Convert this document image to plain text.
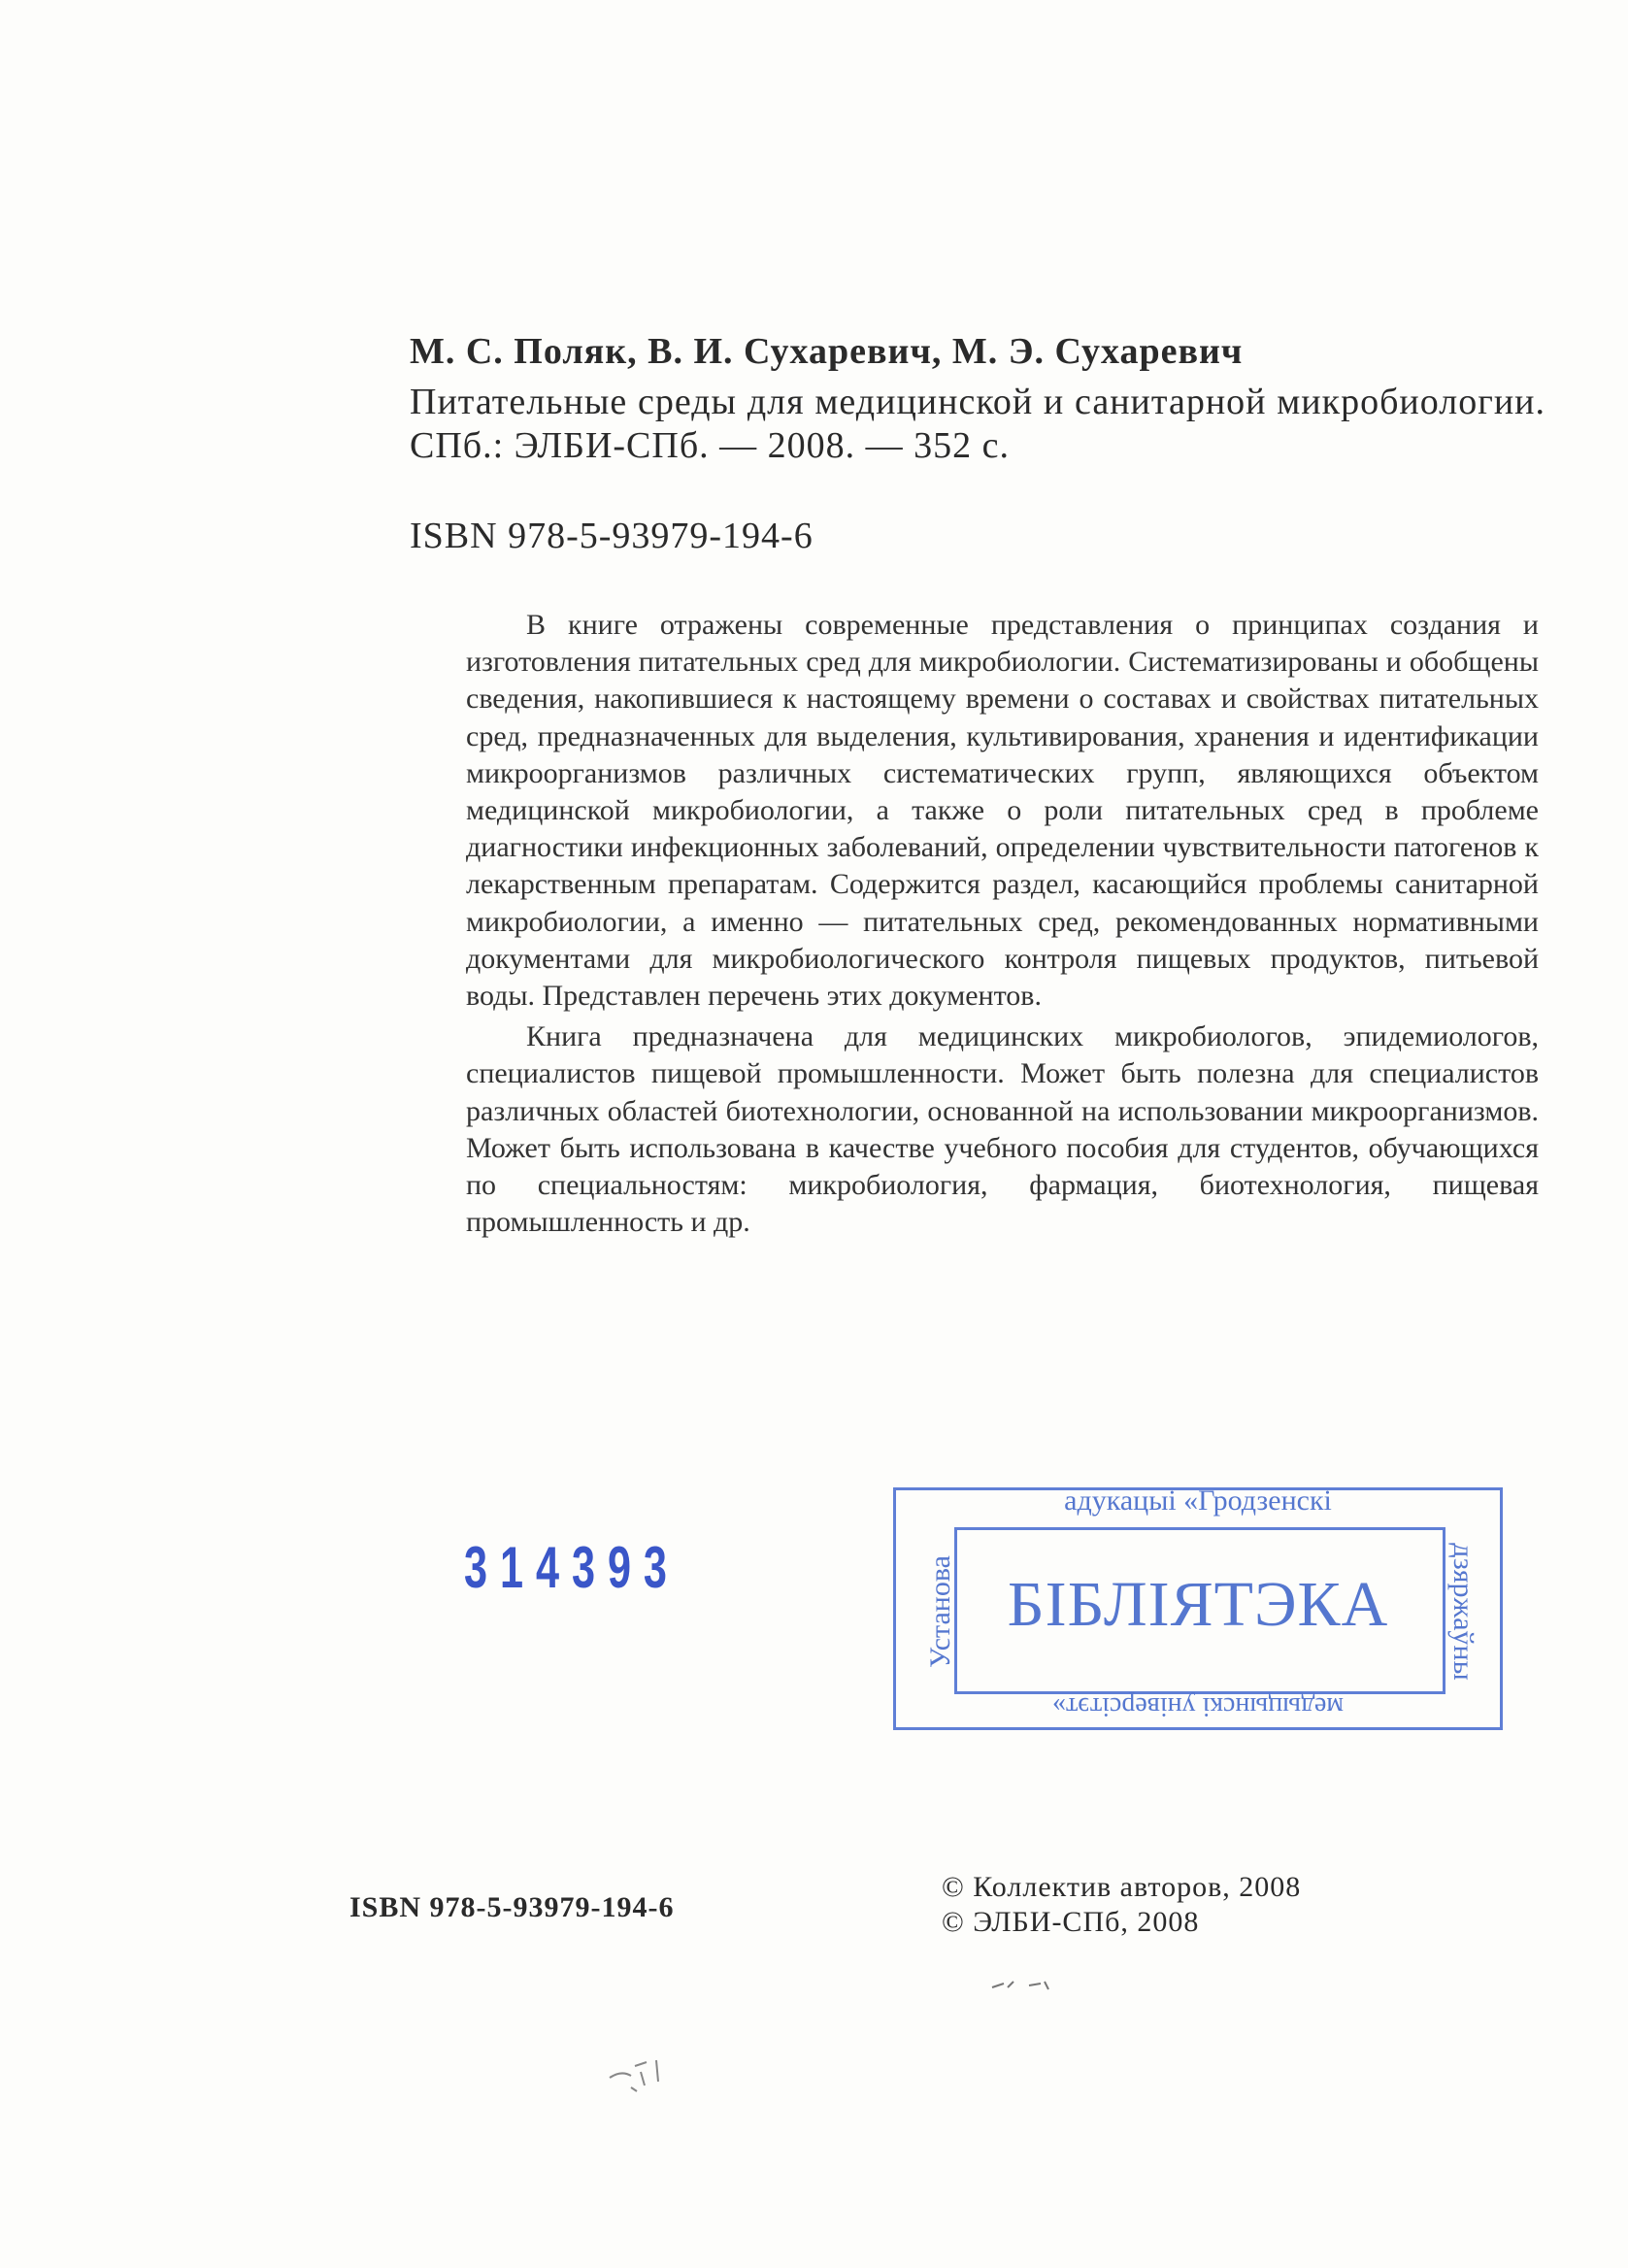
М. С. Поляк, В. И. Сухаревич, М. Э. Сухаревич
Питательные среды для медицинской и санитарной микробиологии. СПб.: ЭЛБИ-СПб. — 2008. — 352 с.
ISBN 978-5-93979-194-6

В книге отражены современные представления о принципах создания и изготовления питательных сред для микробиологии. Систематизированы и обобщены сведения, накопившиеся к настоящему времени о составах и свойствах питательных сред, предназначенных для выделения, культивирования, хранения и идентификации микроорганизмов различных систематических групп, являющихся объектом медицинской микробиологии, а также о роли питательных сред в проблеме диагностики инфекционных заболеваний, определении чувствительности патогенов к лекарственным препаратам. Содержится раздел, касающийся проблемы санитарной микробиологии, а именно — питательных сред, рекомендованных нормативными документами для микробиологического контроля пищевых продуктов, питьевой воды. Представлен перечень этих документов.

Книга предназначена для медицинских микробиологов, эпидемиологов, специалистов пищевой промышленности. Может быть полезна для специалистов различных областей биотехнологии, основанной на использовании микроорганизмов. Может быть использована в качестве учебного пособия для студентов, обучающихся по специальностям: микробиология, фармация, биотехнология, пищевая промышленность и др.

314393
адукацыі «Гродзенскі
БІБЛІЯТЭКА
медыцынскі універсітэт»
Установа	дзяржаўны
ISBN 978-5-93979-194-6
© Коллектив авторов, 2008
© ЭЛБИ-СПб, 2008
